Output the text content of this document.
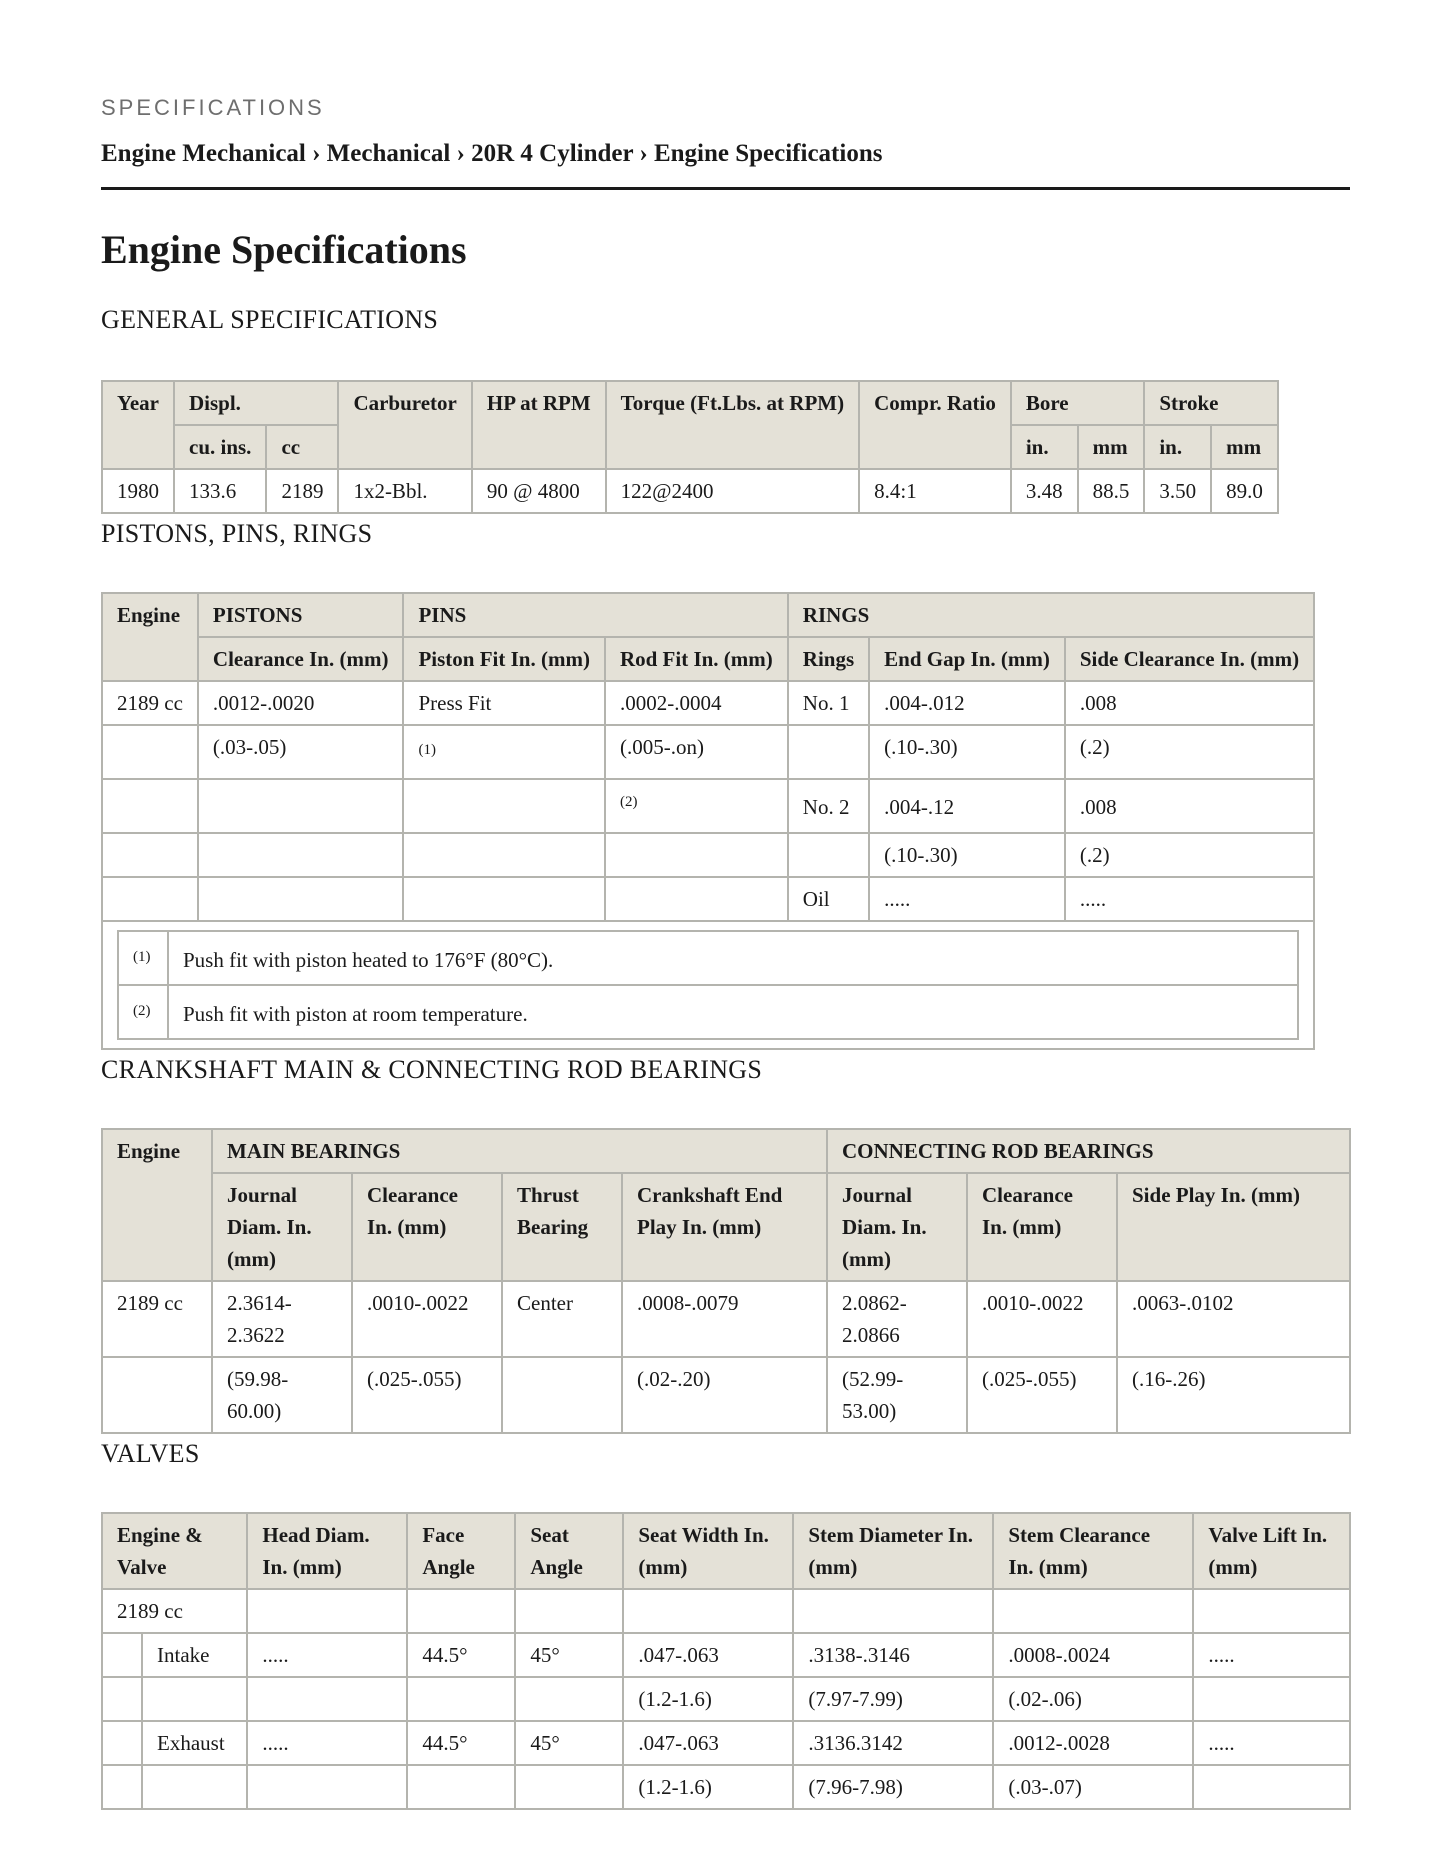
SPECIFICATIONS

Engine Mechanical › Mechanical › 20R 4 Cylinder › Engine Specifications
Engine Specifications
GENERAL SPECIFICATIONS
Year	Displ.		Carburetor	HP at RPM	Torque (Ft.Lbs. at RPM)	Compr. Ratio	Bore		Stroke	
	cu. ins.	cc					in.	mm	in.	mm
1980	133.6	2189	1x2-Bbl.	90 @ 4800	122@2400	8.4:1	3.48	88.5	3.50	89.0
PISTONS, PINS, RINGS
Engine	PISTONS	PINS	RINGS
Clearance In. (mm)	Piston Fit In. (mm)	Rod Fit In. (mm)	Rings	End Gap In. (mm)	Side Clearance In. (mm)
2189 cc	.0012-.0020	Press Fit	.0002-.0004	No. 1	.004-.012	.008
	(.03-.05)	$^{(1)}$	(.005-.on)		(.10-.30)	(.2)
			$^{(2)}$	No. 2	.004-.12	.008
					(.10-.30)	(.2)
				Oil	.....	.....

$^{(1)}$	Push fit with piston heated to 176°F (80°C).
$^{(2)}$	Push fit with piston at room temperature.
CRANKSHAFT MAIN & CONNECTING ROD BEARINGS
Engine	MAIN BEARINGS				CONNECTING ROD BEARINGS		
	Journal Diam. In. (mm)	Clearance In. (mm)	Thrust Bearing	Crankshaft End Play In. (mm)	Journal Diam. In. (mm)	Clearance In. (mm)	Side Play In. (mm)
2189 cc	2.3614-2.3622	.0010-.0022	Center	.0008-.0079	2.0862-2.0866	.0010-.0022	.0063-.0102
	(59.98-60.00)	(.025-.055)		(.02-.20)	(52.99-53.00)	(.025-.055)	(.16-.26)
VALVES
Engine & Valve		Head Diam. In. (mm)	Face Angle	Seat Angle	Seat Width In. (mm)	Stem Diameter In. (mm)	Stem Clearance In. (mm)	Valve Lift In. (mm)
2189 cc								
	Intake	.....	44.5°	45°	.047-.063	.3138-.3146	.0008-.0024	.....
					(1.2-1.6)	(7.97-7.99)	(.02-.06)	
	Exhaust	.....	44.5°	45°	.047-.063	.3136.3142	.0012-.0028	.....
					(1.2-1.6)	(7.96-7.98)	(.03-.07)	
